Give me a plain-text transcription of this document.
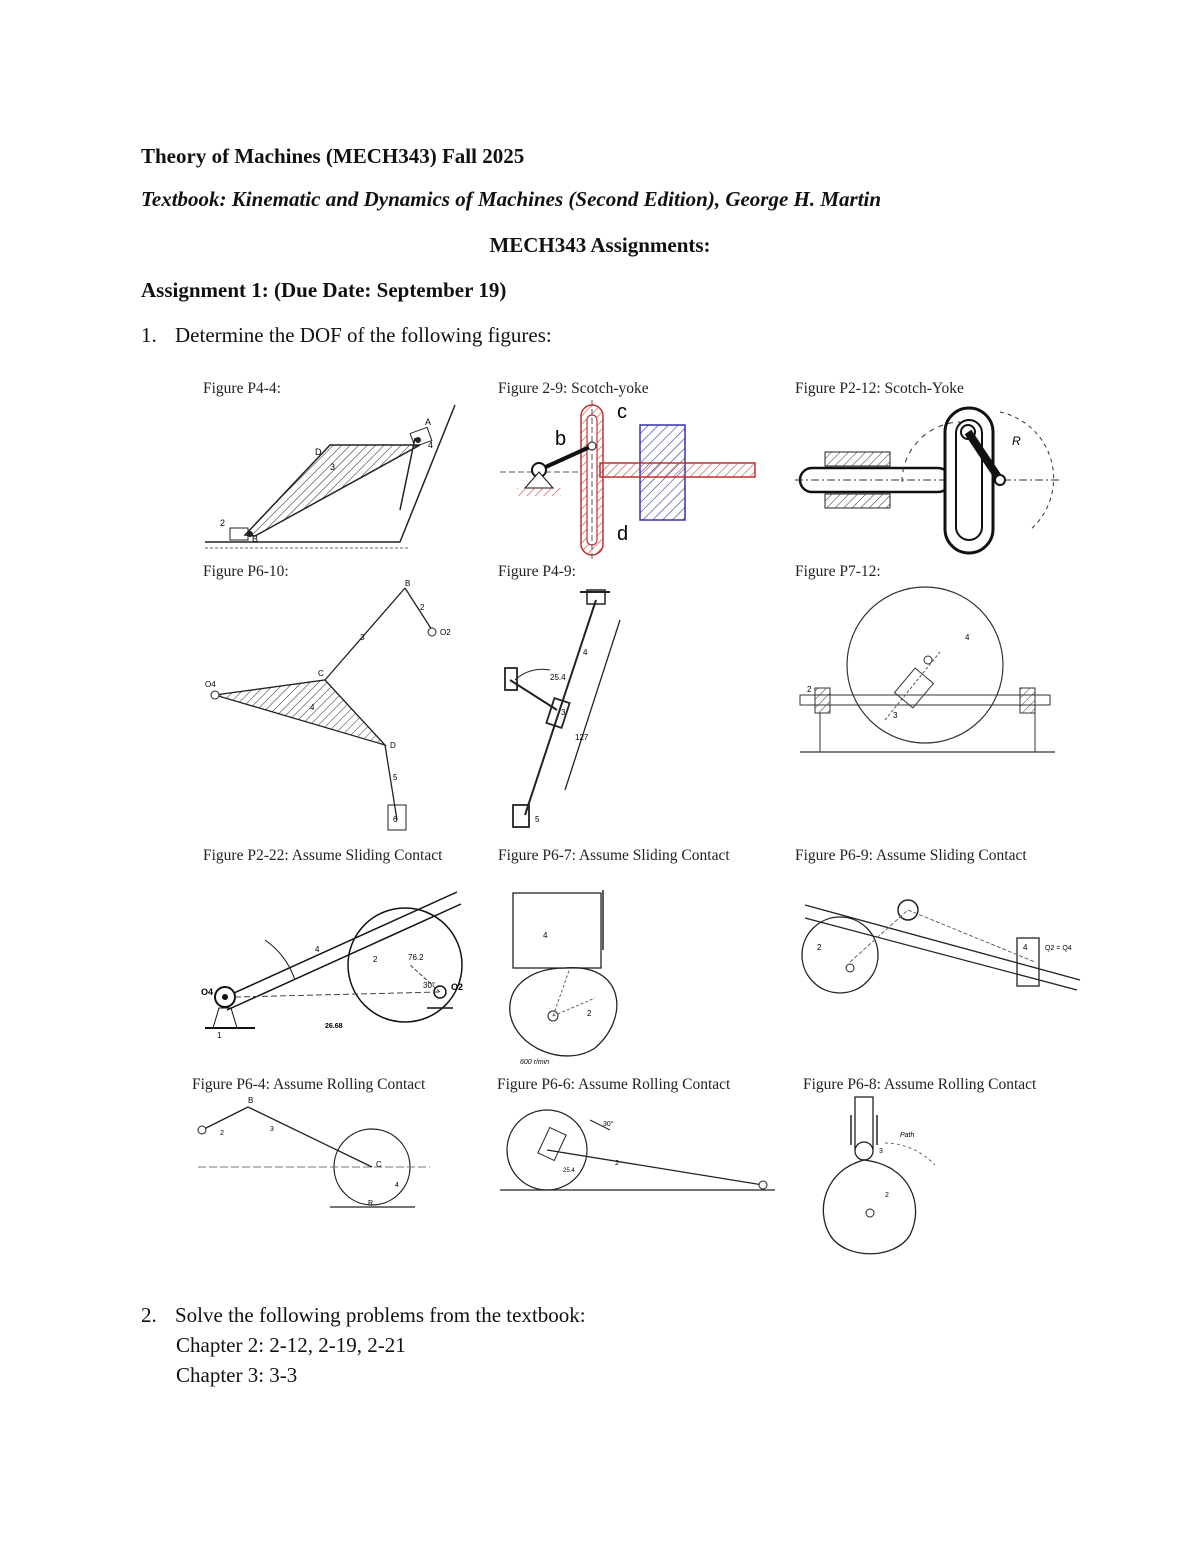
Theory of Machines (MECH343) Fall 2025
Textbook: Kinematic and Dynamics of Machines (Second Edition), George H. Martin
MECH343 Assignments:
Assignment 1: (Due Date: September 19)
1. Determine the DOF of the following figures:
Figure P4-4:
D
A
B
3
2
4
Figure 2-9: Scotch-yoke
b
c
d
Figure P2-12: Scotch-Yoke
R
Figure P6-10:
B
C
D
3
4
5
2
O2
O4
6
Figure P4-9:
25.4
127
4
3
5
Figure P7-12:
4
2
3
Figure P2-22: Assume Sliding Contact
4
2	76.2
30°
O4	O2
1
26.68
Figure P6-7: Assume Sliding Contact
4
2
600 r/min
Figure P6-9: Assume Sliding Contact
2	4	Q2 = Q4
Figure P6-4: Assume Rolling Contact
B
C
2
3
4
R
Figure P6-6: Assume Rolling Contact
30°
2
25.4
Figure P6-8: Assume Rolling Contact
Path
2
3
2. Solve the following problems from the textbook:
Chapter 2: 2-12, 2-19, 2-21
Chapter 3: 3-3
